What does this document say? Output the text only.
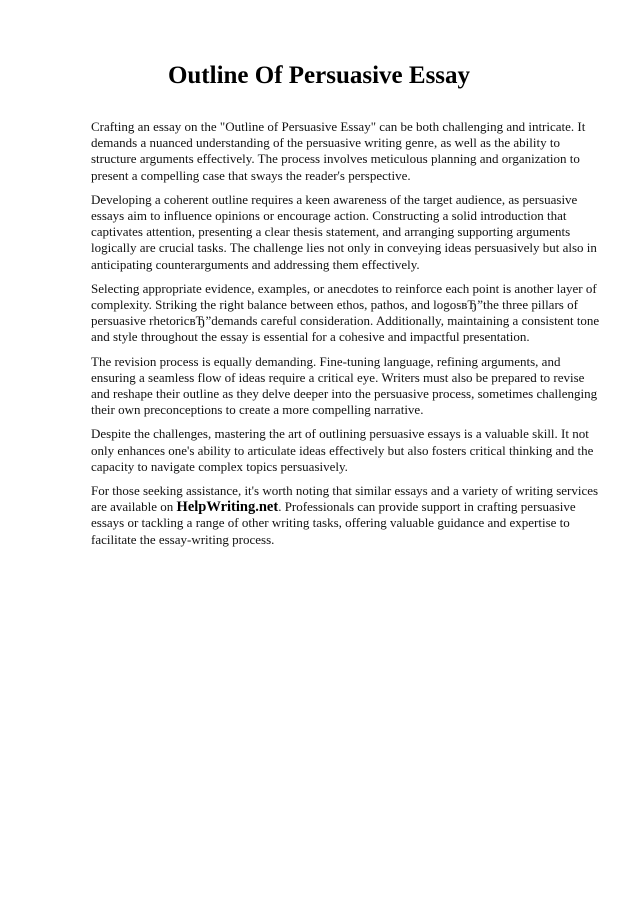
Outline Of Persuasive Essay

Crafting an essay on the "Outline of Persuasive Essay" can be both challenging and intricate. It demands a nuanced understanding of the persuasive writing genre, as well as the ability to structure arguments effectively. The process involves meticulous planning and organization to present a compelling case that sways the reader's perspective.

Developing a coherent outline requires a keen awareness of the target audience, as persuasive essays aim to influence opinions or encourage action. Constructing a solid introduction that captivates attention, presenting a clear thesis statement, and arranging supporting arguments logically are crucial tasks. The challenge lies not only in conveying ideas persuasively but also in anticipating counterarguments and addressing them effectively.

Selecting appropriate evidence, examples, or anecdotes to reinforce each point is another layer of complexity. Striking the right balance between ethos, pathos, and logosвЂ”the three pillars of persuasive rhetoricвЂ”demands careful consideration. Additionally, maintaining a consistent tone and style throughout the essay is essential for a cohesive and impactful presentation.

The revision process is equally demanding. Fine-tuning language, refining arguments, and ensuring a seamless flow of ideas require a critical eye. Writers must also be prepared to revise and reshape their outline as they delve deeper into the persuasive process, sometimes challenging their own preconceptions to create a more compelling narrative.

Despite the challenges, mastering the art of outlining persuasive essays is a valuable skill. It not only enhances one's ability to articulate ideas effectively but also fosters critical thinking and the capacity to navigate complex topics persuasively.

For those seeking assistance, it's worth noting that similar essays and a variety of writing services are available on HelpWriting.net. Professionals can provide support in crafting persuasive essays or tackling a range of other writing tasks, offering valuable guidance and expertise to facilitate the essay-writing process.
